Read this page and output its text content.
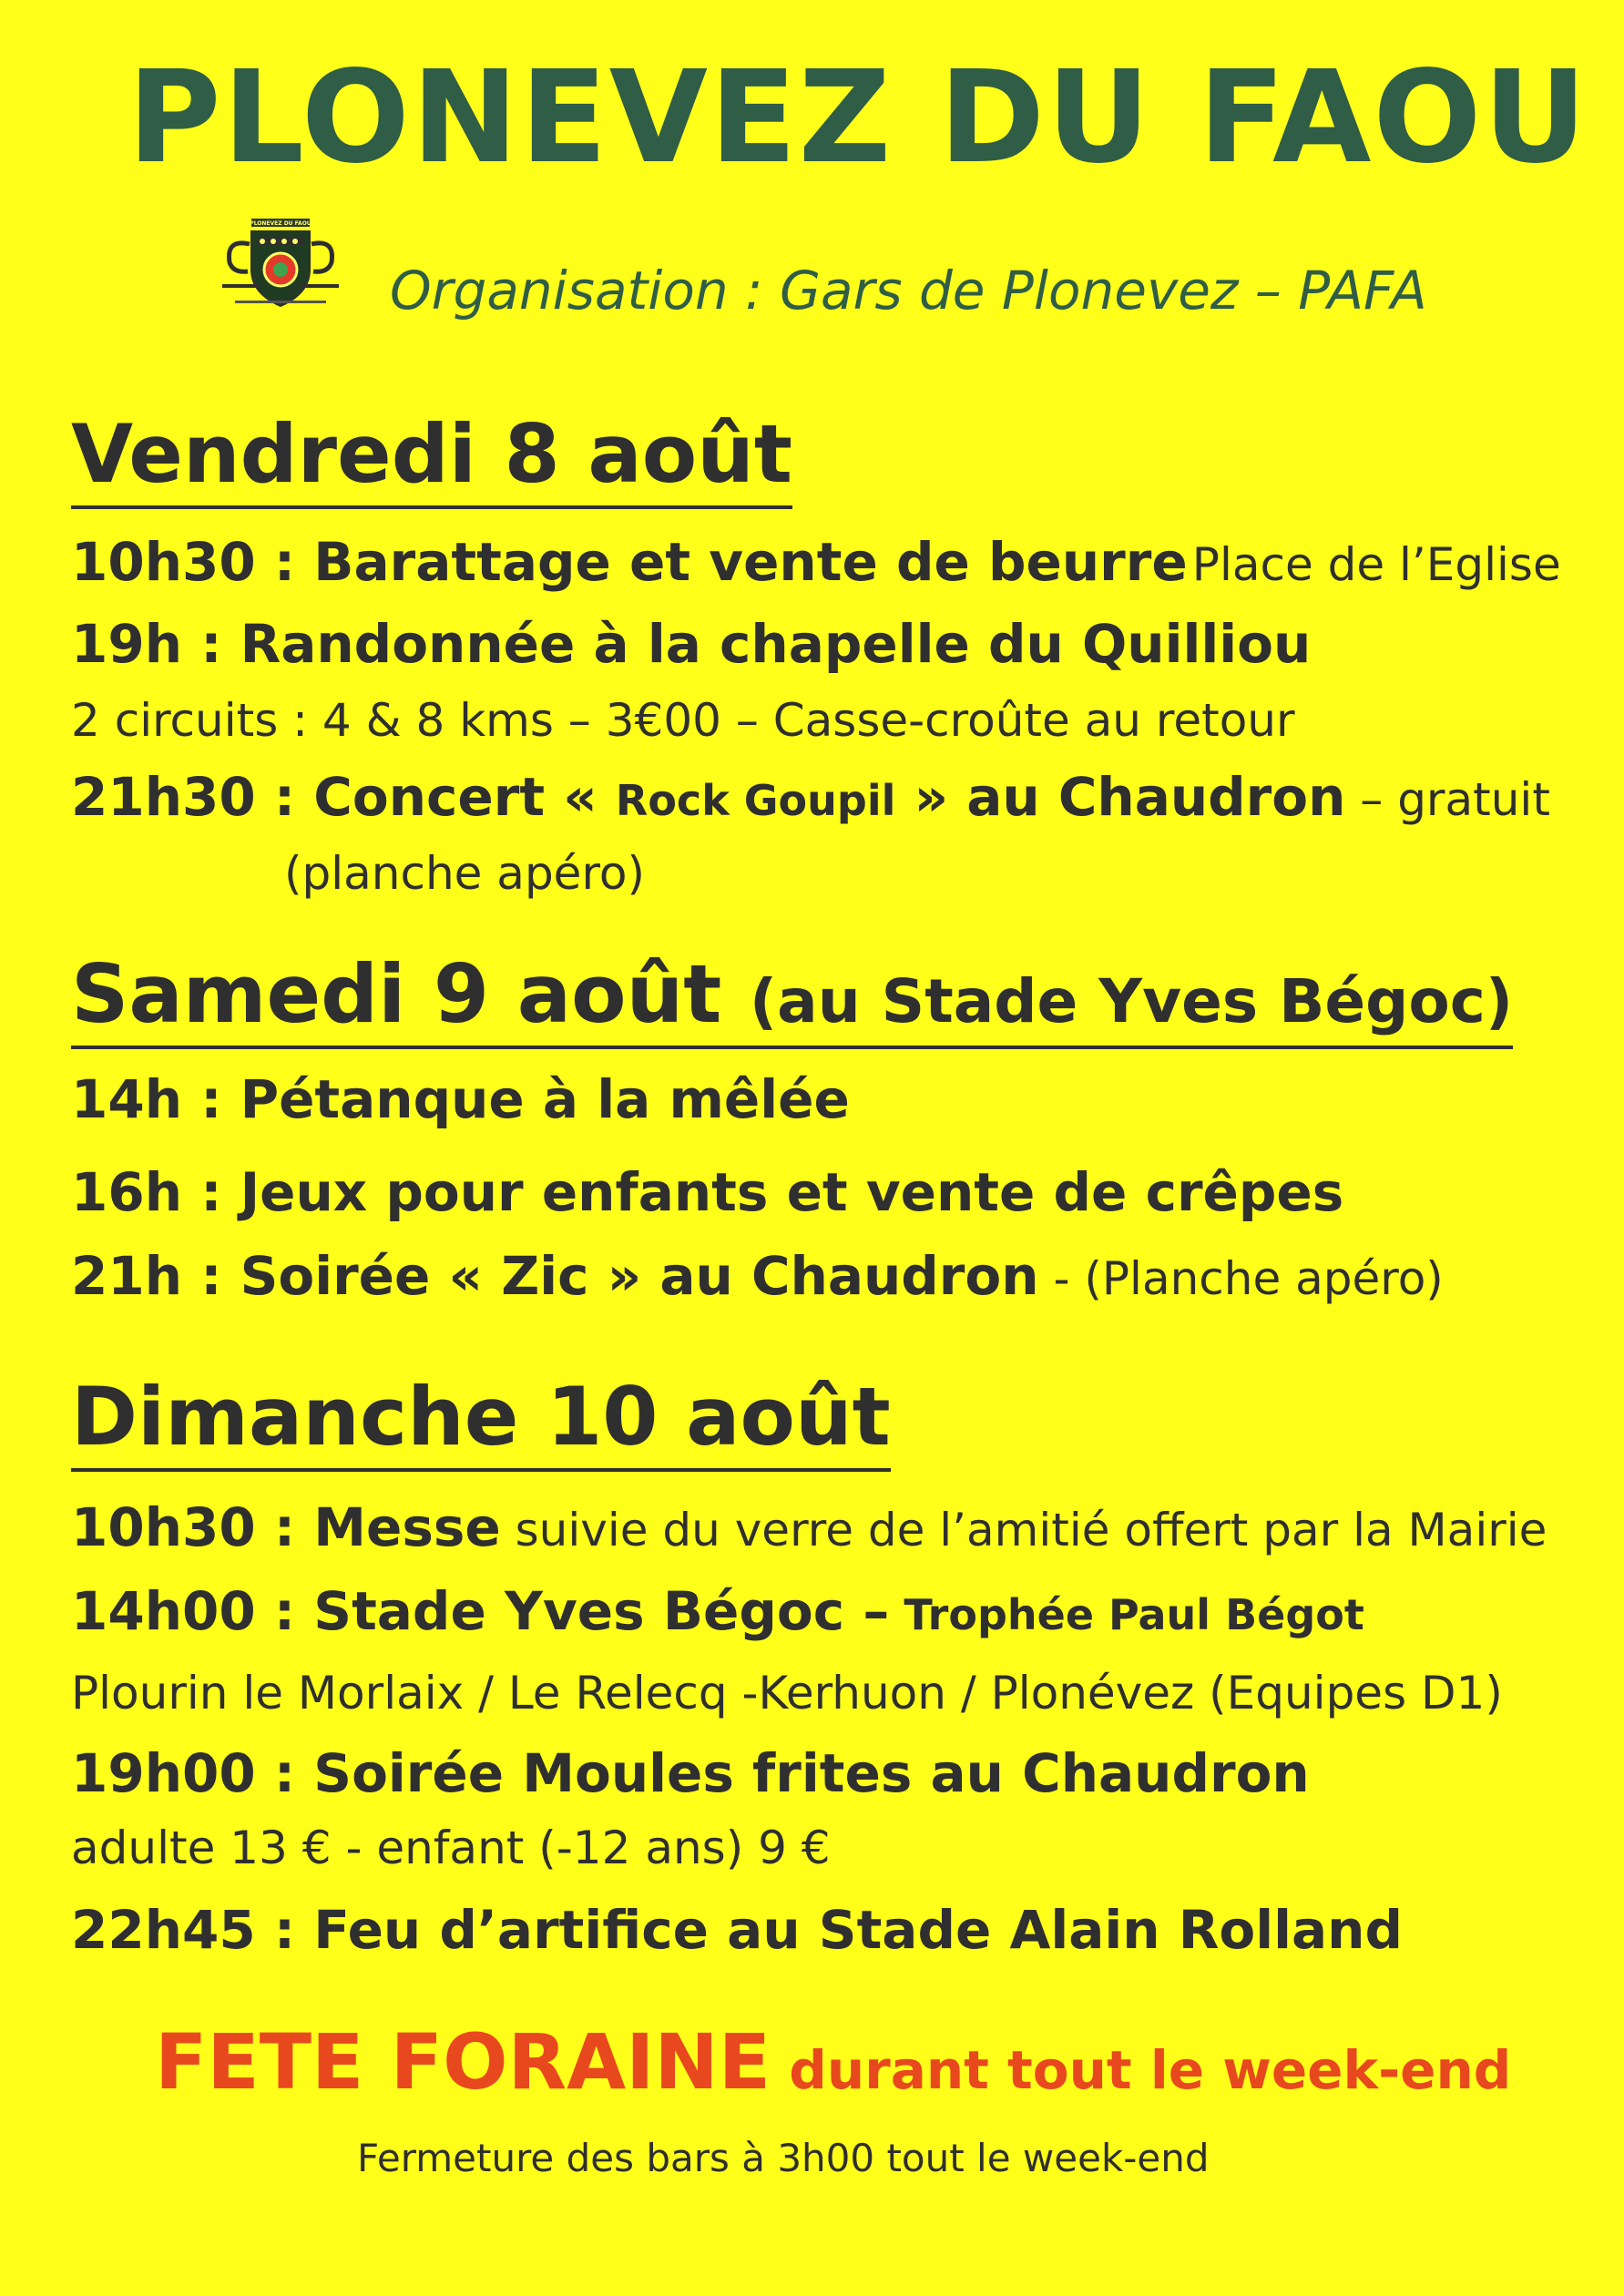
PLONEVEZ DU FAOU
PLONEVEZ DU FAOU
Organisation : Gars de Plonevez – PAFA
Vendredi 8 août
10h30 : Barattage et vente de beurre Place de l’Eglise
19h : Randonnée à la chapelle du Quilliou
2 circuits : 4 & 8 kms – 3€00 – Casse-croûte au retour
21h30 : Concert « Rock Goupil » au Chaudron – gratuit
(planche apéro)
Samedi 9 août (au Stade Yves Bégoc)
14h : Pétanque à la mêlée
16h : Jeux pour enfants et vente de crêpes
21h : Soirée « Zic » au Chaudron - (Planche apéro)
Dimanche 10 août
10h30 : Messe suivie du verre de l’amitié offert par la Mairie
14h00 : Stade Yves Bégoc – Trophée Paul Bégot
Plourin le Morlaix / Le Relecq -Kerhuon / Plonévez (Equipes D1)
19h00 : Soirée Moules frites au Chaudron
adulte 13 € - enfant (-12 ans) 9 €
22h45 : Feu d’artifice au Stade Alain Rolland
FETE FORAINE durant tout le week-end
Fermeture des bars à 3h00 tout le week-end
